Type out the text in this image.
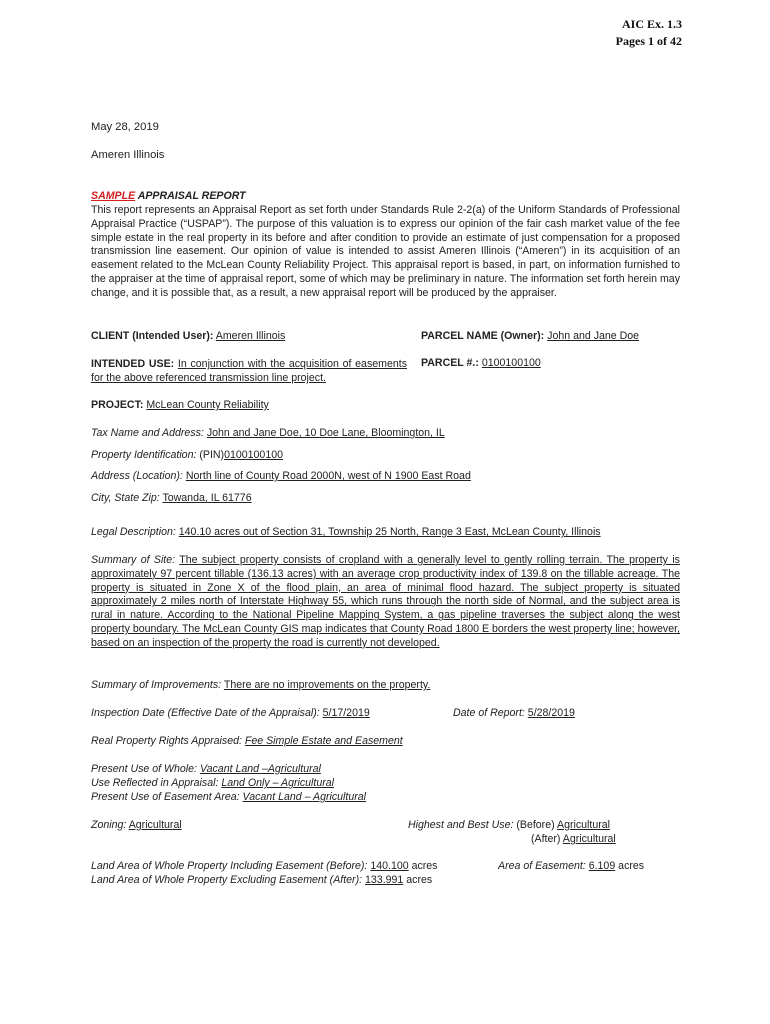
AIC Ex. 1.3
Pages 1 of 42
May 28, 2019
Ameren Illinois
SAMPLE APPRAISAL REPORT
This report represents an Appraisal Report as set forth under Standards Rule 2-2(a) of the Uniform Standards of Professional Appraisal Practice (“USPAP”). The purpose of this valuation is to express our opinion of the fair cash market value of the fee simple estate in the real property in its before and after condition to provide an estimate of just compensation for a proposed transmission line easement. Our opinion of value is intended to assist Ameren Illinois (“Ameren”) in its acquisition of an easement related to the McLean County Reliability Project. This appraisal report is based, in part, on information furnished to the appraiser at the time of appraisal report, some of which may be preliminary in nature. The information set forth herein may change, and it is possible that, as a result, a new appraisal report will be produced by the appraiser.
CLIENT (Intended User): Ameren Illinois	PARCEL NAME (Owner): John and Jane Doe
INTENDED USE: In conjunction with the acquisition of easements for the above referenced transmission line project.
PARCEL #.: 0100100100
PROJECT: McLean County Reliability
Tax Name and Address: John and Jane Doe, 10 Doe Lane, Bloomington, IL
Property Identification: (PIN)0100100100
Address (Location): North line of County Road 2000N, west of N 1900 East Road
City, State Zip: Towanda, IL 61776
Legal Description: 140.10 acres out of Section 31, Township 25 North, Range 3 East, McLean County, Illinois
Summary of Site: The subject property consists of cropland with a generally level to gently rolling terrain. The property is approximately 97 percent tillable (136.13 acres) with an average crop productivity index of 139.8 on the tillable acreage. The property is situated in Zone X of the flood plain, an area of minimal flood hazard. The subject property is situated approximately 2 miles north of Interstate Highway 55, which runs through the north side of Normal, and the subject area is rural in nature. According to the National Pipeline Mapping System, a gas pipeline traverses the subject along the west property boundary. The McLean County GIS map indicates that County Road 1800 E borders the west property line; however, based on an inspection of the property the road is currently not developed.
Summary of Improvements: There are no improvements on the property.
Inspection Date (Effective Date of the Appraisal): 5/17/2019	Date of Report: 5/28/2019
Real Property Rights Appraised: Fee Simple Estate and Easement
Present Use of Whole: Vacant Land –Agricultural
Use Reflected in Appraisal: Land Only – Agricultural
Present Use of Easement Area: Vacant Land – Agricultural
Zoning: Agricultural	Highest and Best Use: (Before) Agricultural
(After) Agricultural
Land Area of Whole Property Including Easement (Before): 140.100 acres
Land Area of Whole Property Excluding Easement (After): 133.991 acres
Area of Easement: 6.109 acres
